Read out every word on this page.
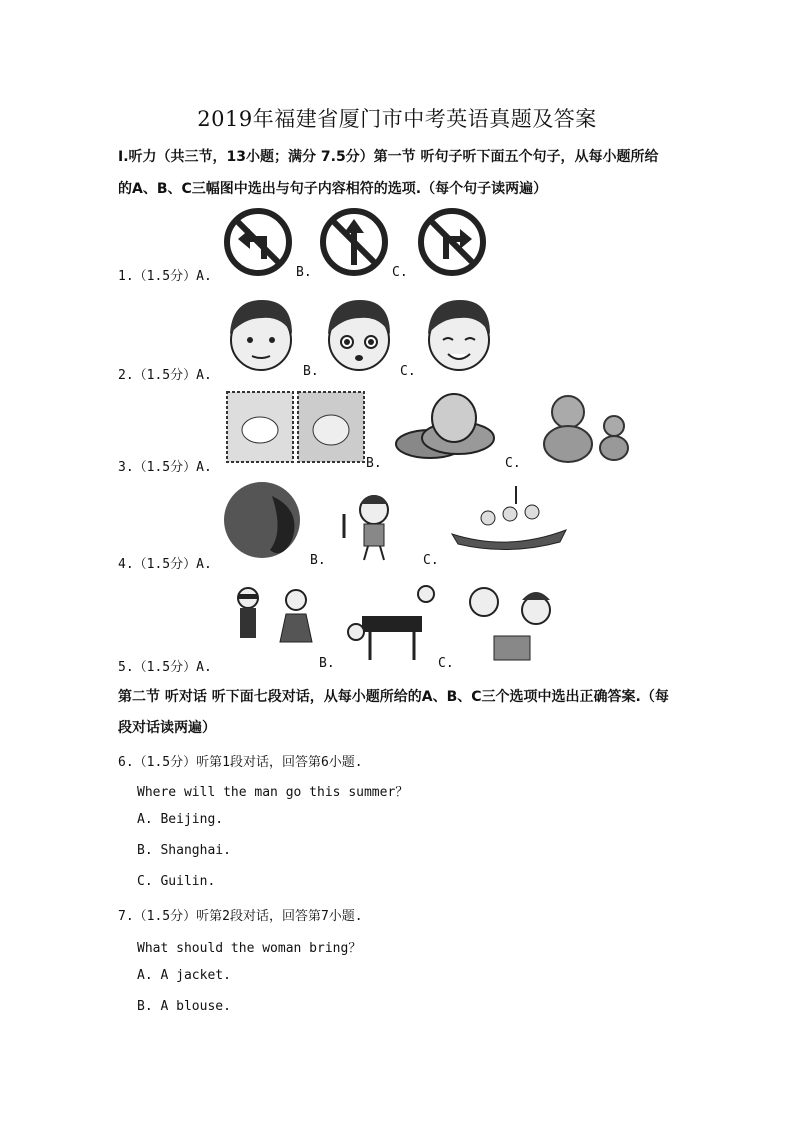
2019年福建省厦门市中考英语真题及答案
Ⅰ.听力（共三节，13小题；满分 7.5分）第一节 听句子听下面五个句子，从每小题所给
的A、B、C三幅图中选出与句子内容相符的选项.（每个句子读两遍）
1.（1.5分）A.	B.	C.
2.（1.5分）A.	B.	C.
3.（1.5分）A.	B.	C.
4.（1.5分）A.	B.	C.
5.（1.5分）A.	B.	C.
第二节 听对话 听下面七段对话，从每小题所给的A、B、C三个选项中选出正确答案.（每
段对话读两遍）
6.（1.5分）听第1段对话，回答第6小题.
Where will the man go this summer？
A. Beijing.
B. Shanghai.
C. Guilin.
7.（1.5分）听第2段对话，回答第7小题.
What should the woman bring？
A. A jacket.
B. A blouse.
